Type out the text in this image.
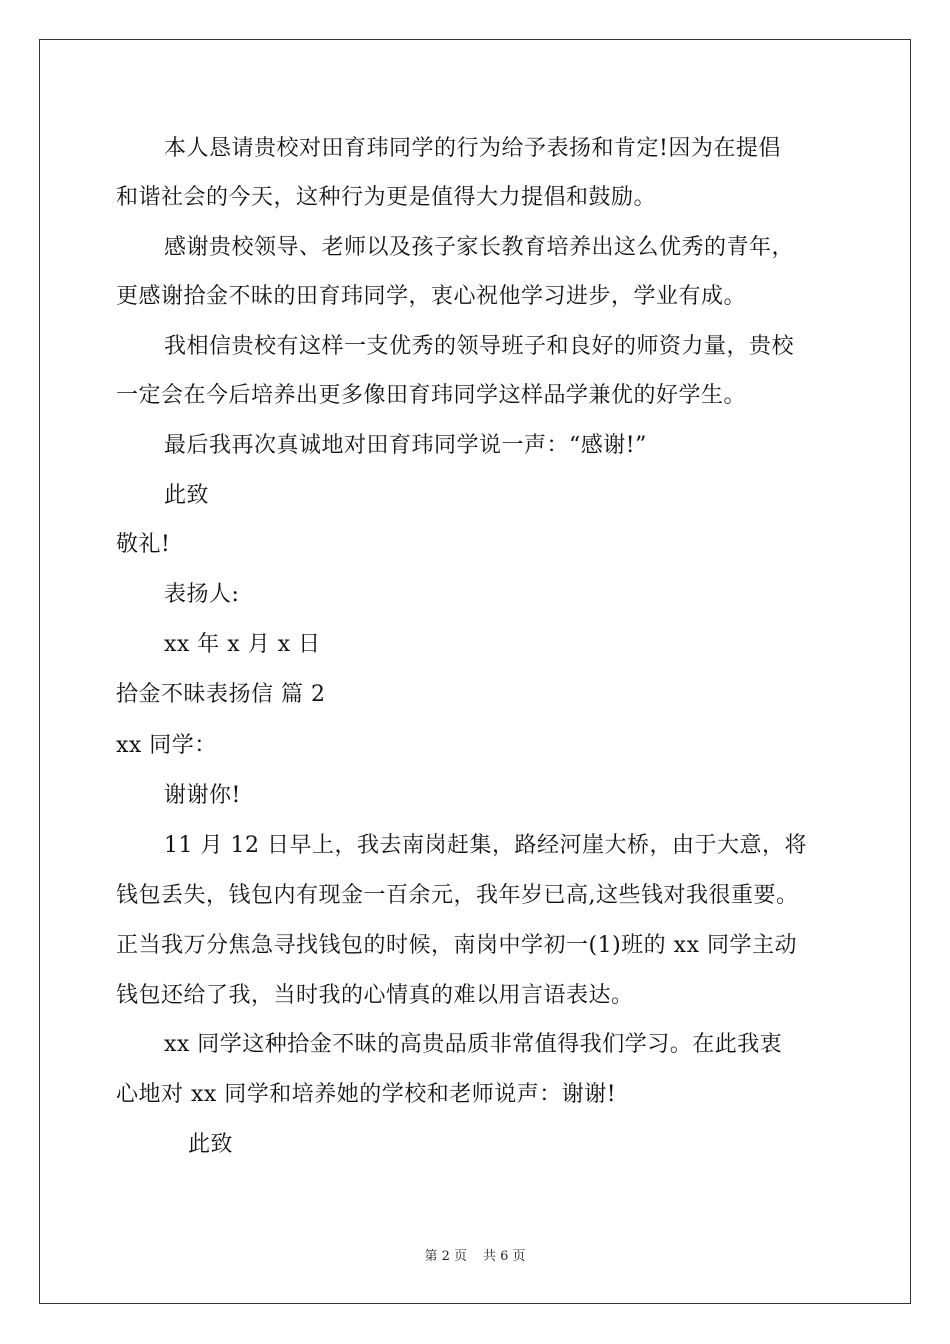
本人恳请贵校对田育玮同学的行为给予表扬和肯定!因为在提倡
和谐社会的今天，这种行为更是值得大力提倡和鼓励。
感谢贵校领导、老师以及孩子家长教育培养出这么优秀的青年，
更感谢拾金不昧的田育玮同学，衷心祝他学习进步，学业有成。
我相信贵校有这样一支优秀的领导班子和良好的师资力量，贵校
一定会在今后培养出更多像田育玮同学这样品学兼优的好学生。
最后我再次真诚地对田育玮同学说一声：“感谢!”
此致
敬礼!
表扬人:
xx 年 x 月 x 日
拾金不昧表扬信 篇 2
xx 同学：
谢谢你!
11 月 12 日早上，我去南岗赶集，路经河崖大桥，由于大意，将
钱包丢失，钱包内有现金一百余元，我年岁已高,这些钱对我很重要。
正当我万分焦急寻找钱包的时候，南岗中学初一(1)班的 xx 同学主动
钱包还给了我，当时我的心情真的难以用言语表达。
xx 同学这种拾金不昧的高贵品质非常值得我们学习。在此我衷
心地对 xx 同学和培养她的学校和老师说声：谢谢!
此致
第 2 页 共 6 页
